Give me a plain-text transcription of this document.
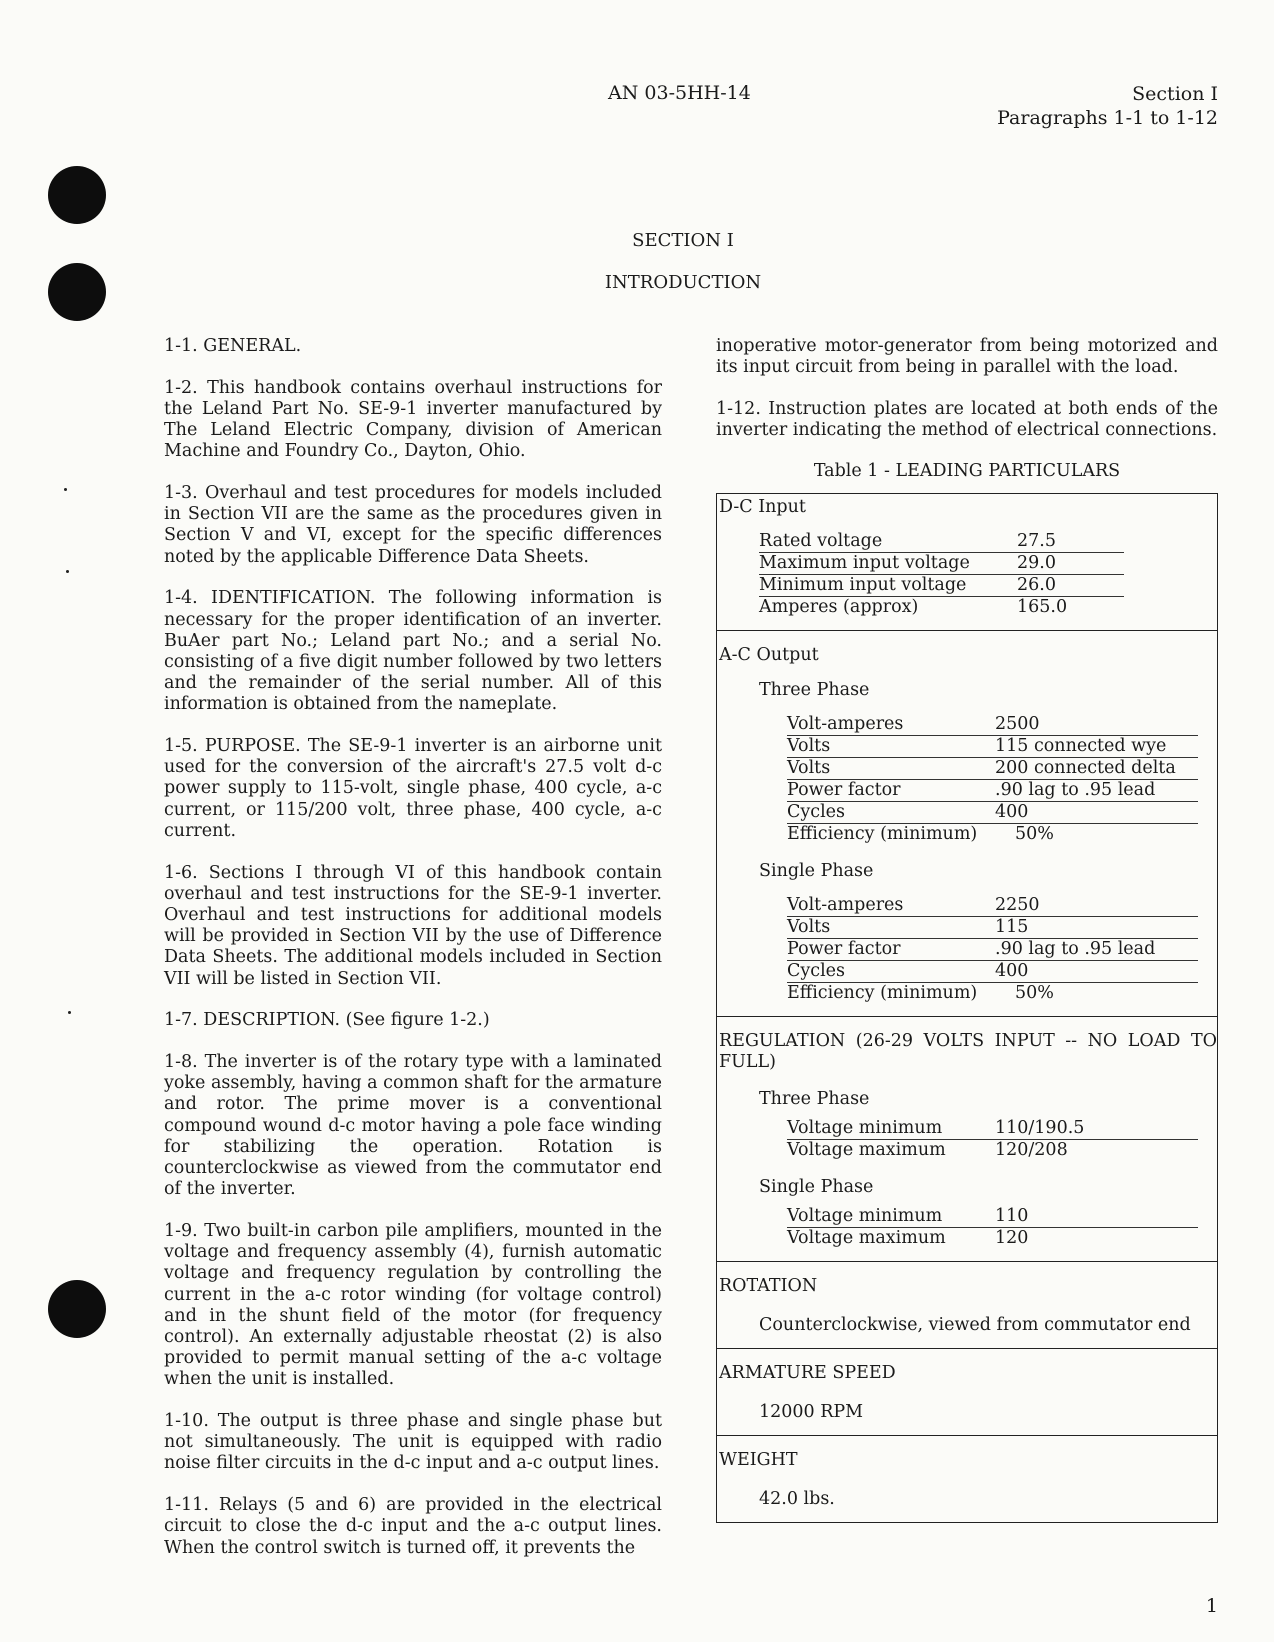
AN 03-5HH-14	Section I
Paragraphs 1-1 to 1-12
SECTION I
INTRODUCTION

1-1. GENERAL.

1-2. This handbook contains overhaul instructions for the Leland Part No. SE-9-1 inverter manufactured by The Leland Electric Company, division of American Machine and Foundry Co., Dayton, Ohio.

1-3. Overhaul and test procedures for models included in Section VII are the same as the procedures given in Section V and VI, except for the specific differences noted by the applicable Difference Data Sheets.

1-4. IDENTIFICATION. The following information is necessary for the proper identification of an inverter. BuAer part No.; Leland part No.; and a serial No. consisting of a five digit number followed by two letters and the remainder of the serial number. All of this information is obtained from the nameplate.

1-5. PURPOSE. The SE-9-1 inverter is an airborne unit used for the conversion of the aircraft's 27.5 volt d-c power supply to 115-volt, single phase, 400 cycle, a-c current, or 115/200 volt, three phase, 400 cycle, a-c current.

1-6. Sections I through VI of this handbook contain overhaul and test instructions for the SE-9-1 inverter. Overhaul and test instructions for additional models will be provided in Section VII by the use of Difference Data Sheets. The additional models included in Section VII will be listed in Section VII.

1-7. DESCRIPTION. (See figure 1-2.)

1-8. The inverter is of the rotary type with a laminated yoke assembly, having a common shaft for the armature and rotor. The prime mover is a conventional compound wound d-c motor having a pole face winding for stabilizing the operation. Rotation is counterclockwise as viewed from the commutator end of the inverter.

1-9. Two built-in carbon pile amplifiers, mounted in the voltage and frequency assembly (4), furnish automatic voltage and frequency regulation by controlling the current in the a-c rotor winding (for voltage control) and in the shunt field of the motor (for frequency control). An externally adjustable rheostat (2) is also provided to permit manual setting of the a-c voltage when the unit is installed.

1-10. The output is three phase and single phase but not simultaneously. The unit is equipped with radio noise filter circuits in the d-c input and a-c output lines.

1-11. Relays (5 and 6) are provided in the electrical circuit to close the d-c input and the a-c output lines. When the control switch is turned off, it prevents the

inoperative motor-generator from being motorized and its input circuit from being in parallel with the load.

1-12. Instruction plates are located at both ends of the inverter indicating the method of electrical connections.

Table 1 - LEADING PARTICULARS
D-C Input
Rated voltage	27.5
Maximum input voltage	29.0
Minimum input voltage	26.0
Amperes (approx)	165.0
A-C Output
Three Phase
Volt-amperes	2500
Volts	115 connected wye
Volts	200 connected delta
Power factor	.90 lag to .95 lead
Cycles	400
Efficiency (minimum)	50%
Single Phase
Volt-amperes	2250
Volts	115
Power factor	.90 lag to .95 lead
Cycles	400
Efficiency (minimum)	50%
REGULATION (26-29 VOLTS INPUT -- NO LOAD TO FULL)
Three Phase
Voltage minimum	110/190.5
Voltage maximum	120/208
Single Phase
Voltage minimum	110
Voltage maximum	120
ROTATION
Counterclockwise, viewed from commutator end
ARMATURE SPEED
12000 RPM
WEIGHT
42.0 lbs.
1
